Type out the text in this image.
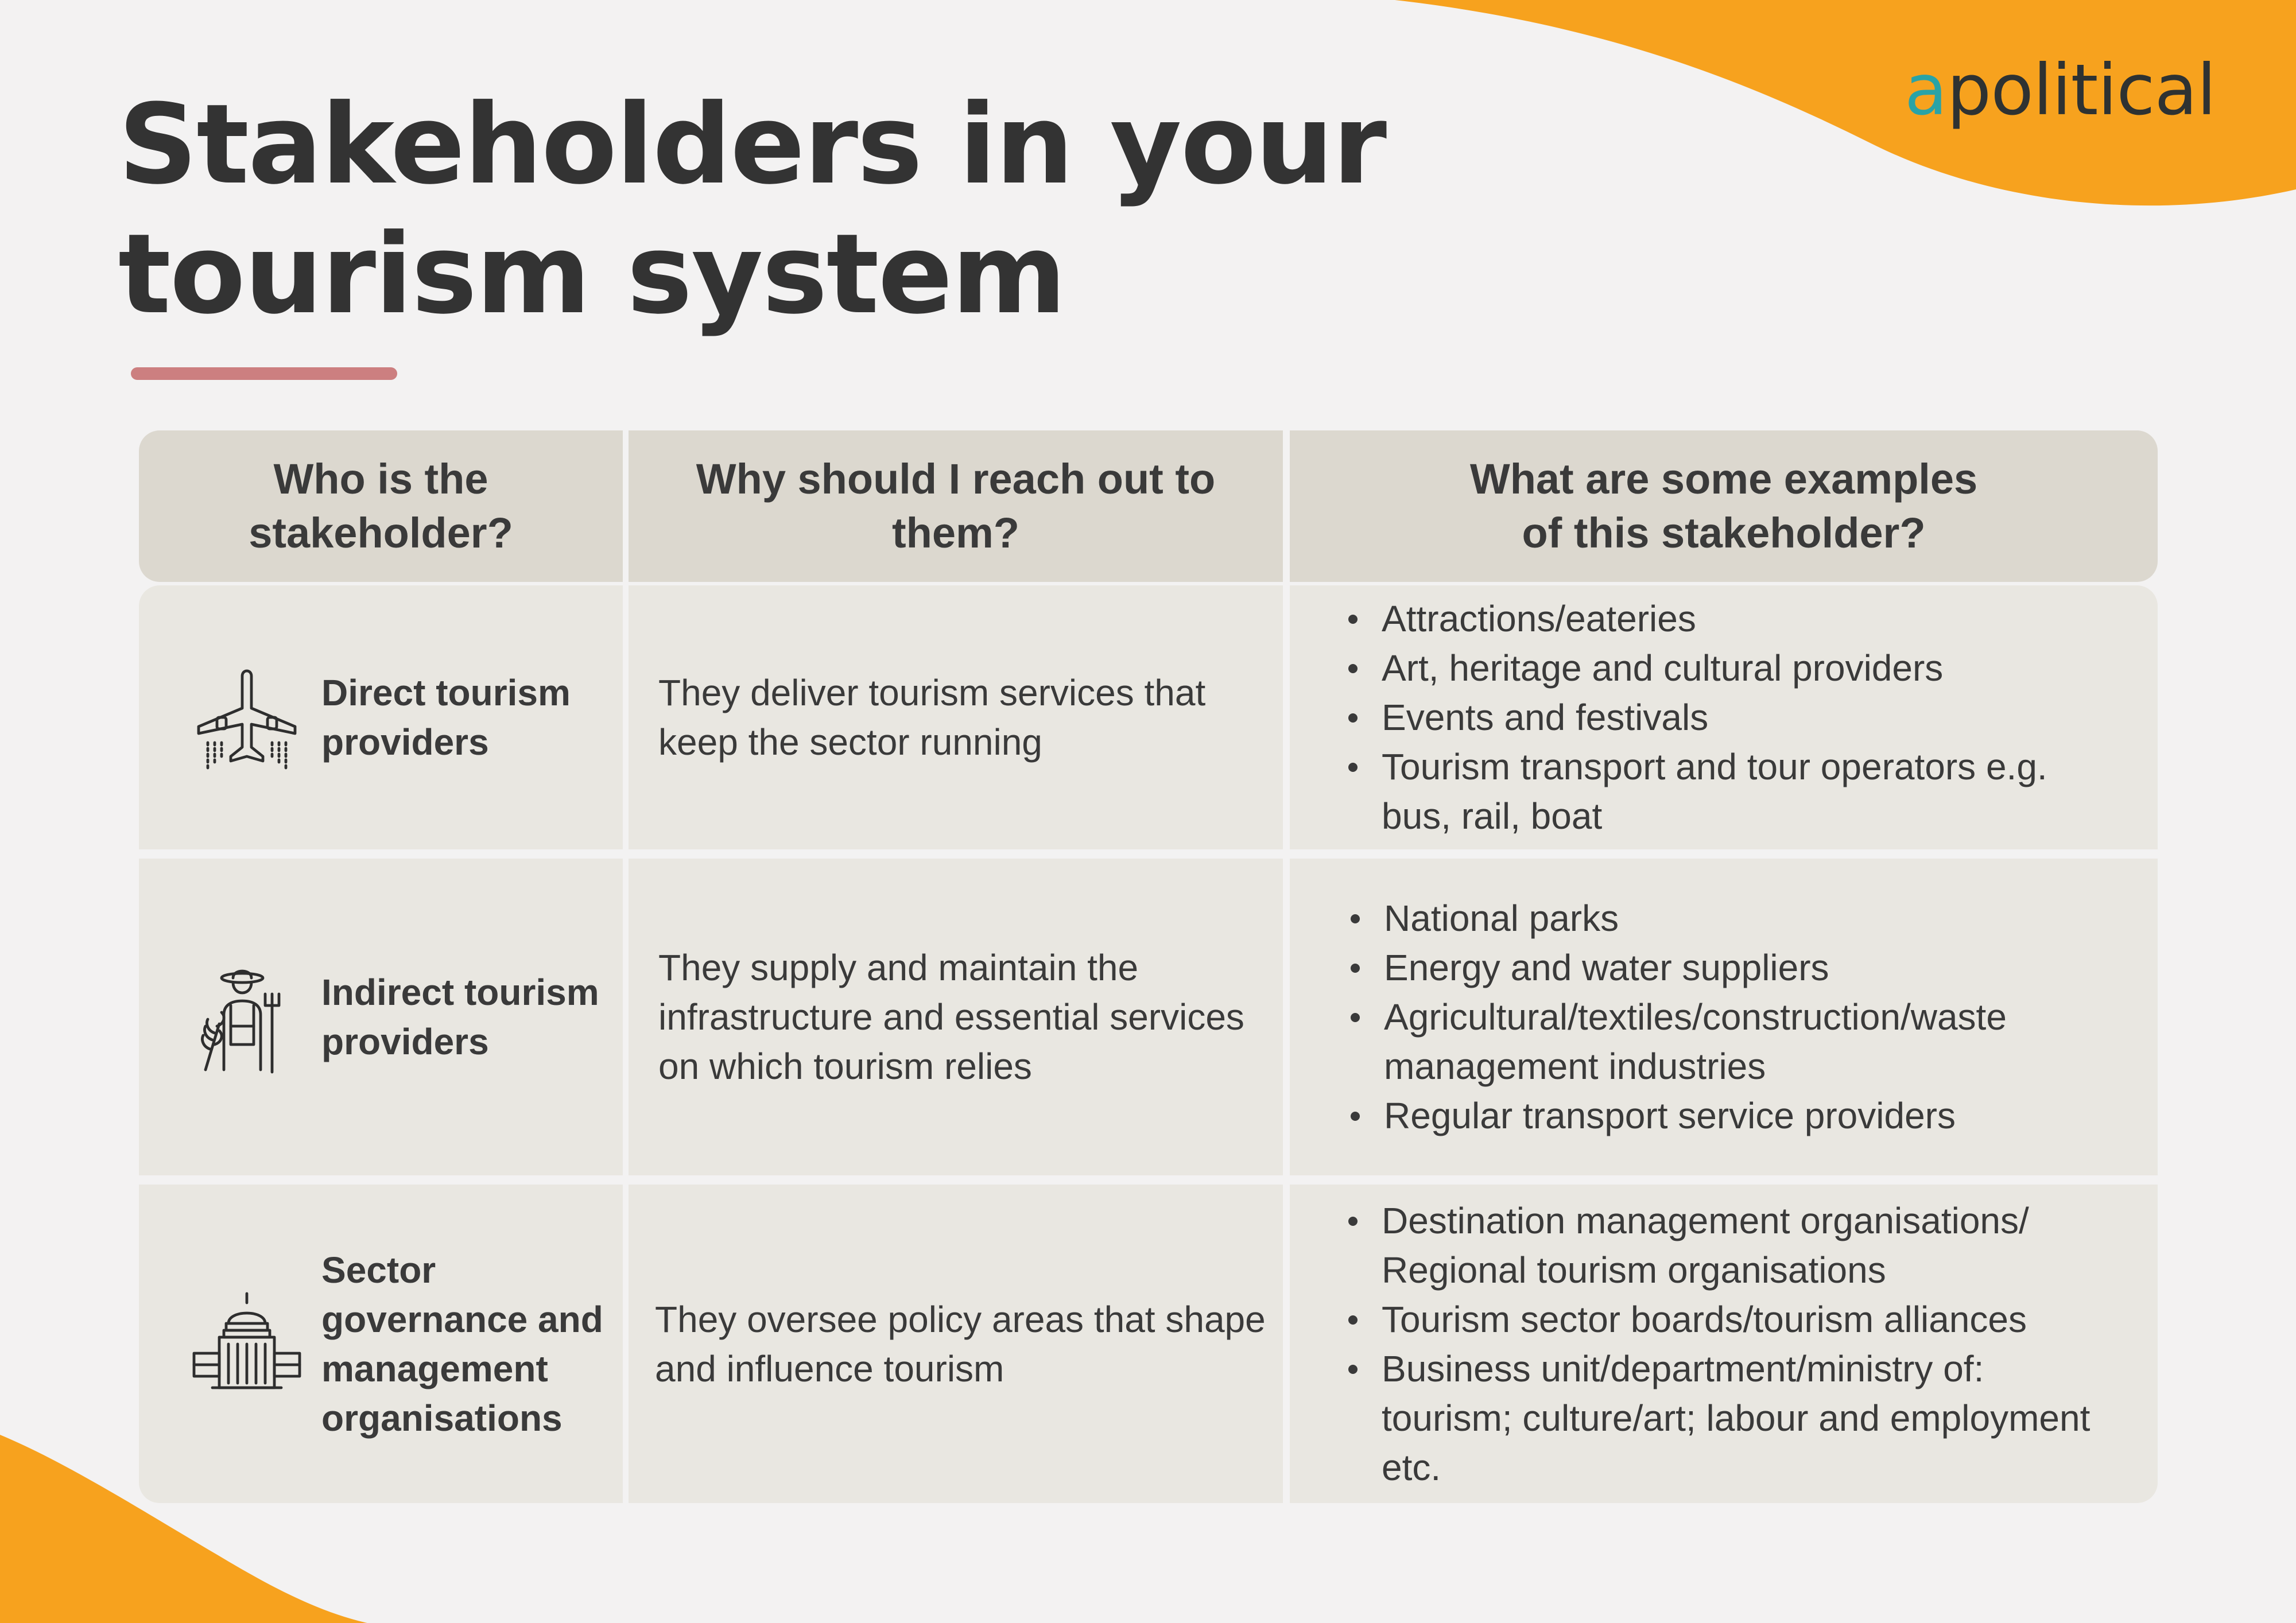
apolitical
Stakeholders in your
tourism system
Who is the
stakeholder?
Why should I reach out to
them?
What are some examples
of this stakeholder?
Direct tourism
providers
They deliver tourism services that
keep the sector running
Attractions/eateries
Art, heritage and cultural providers
Events and festivals
Tourism transport and tour operators e.g.
bus, rail, boat
Indirect tourism
providers
They supply and maintain the
infrastructure and essential services
on which tourism relies
National parks
Energy and water suppliers
Agricultural/textiles/construction/waste
management industries
Regular transport service providers
Sector
governance and
management
organisations
They oversee policy areas that shape
and influence tourism
Destination management organisations/
Regional tourism organisations
Tourism sector boards/tourism alliances
Business unit/department/ministry of:
tourism; culture/art; labour and employment
etc.
